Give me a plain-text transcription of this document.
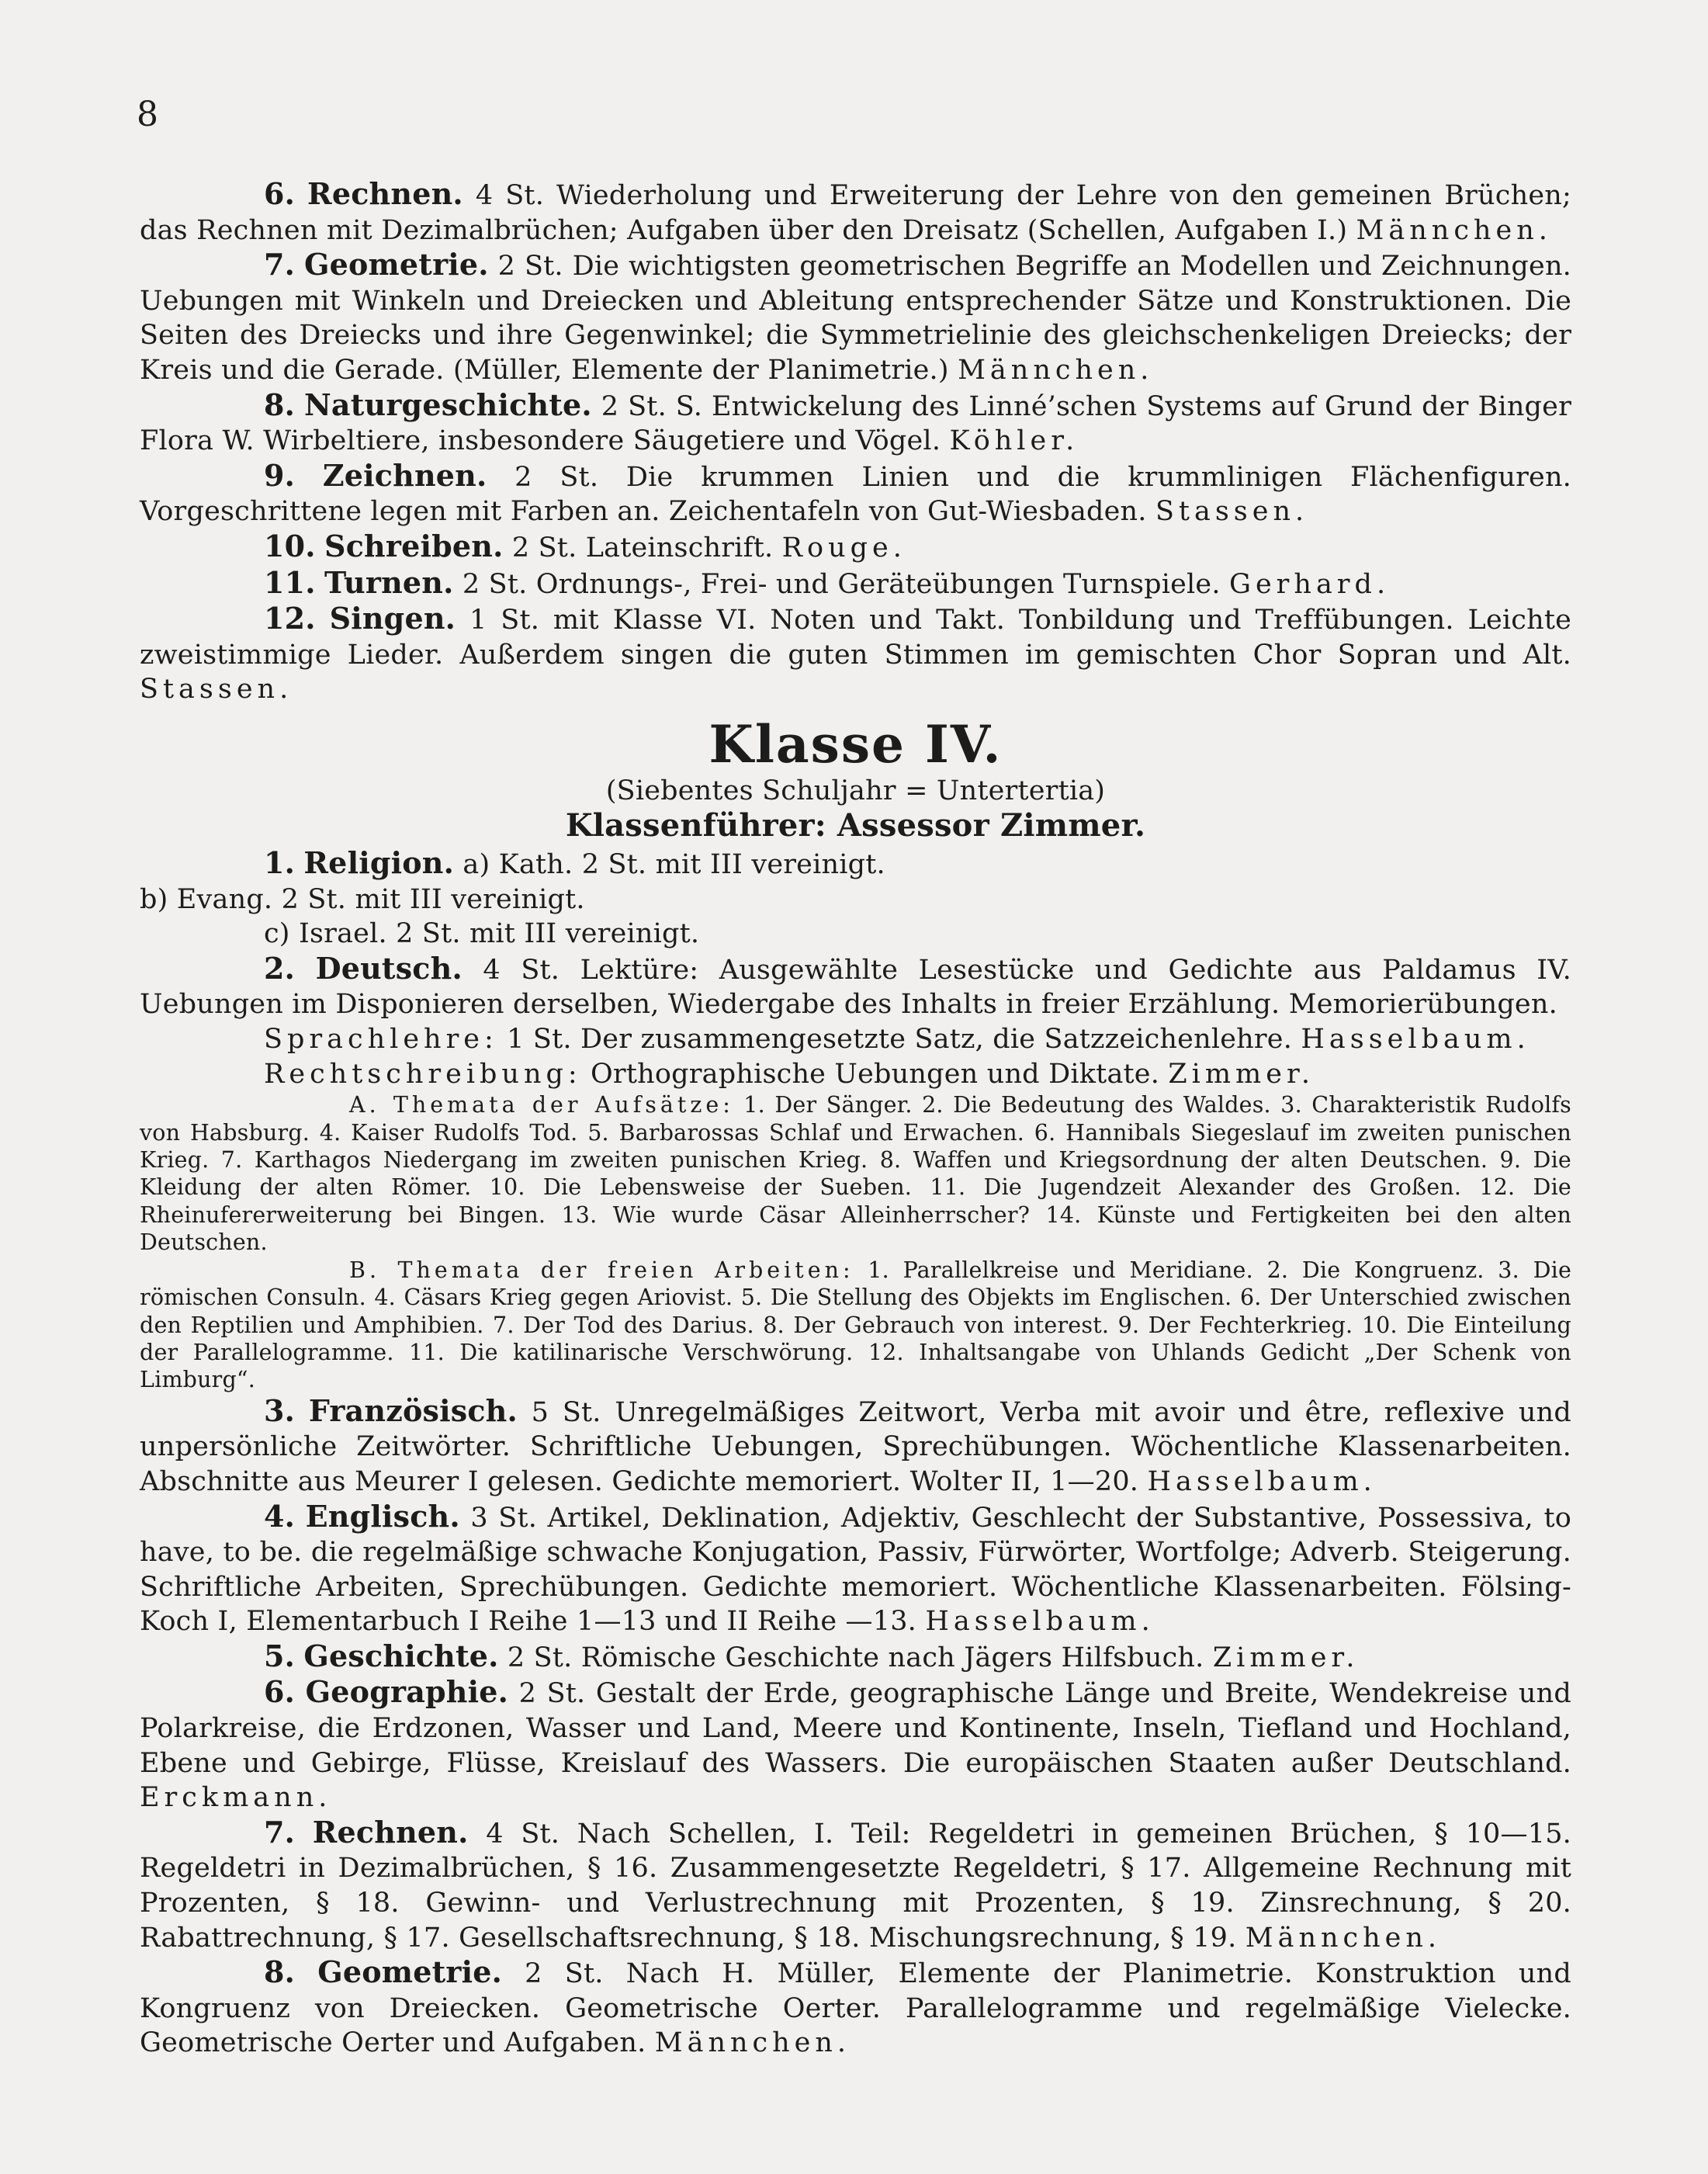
8

6. Rechnen. 4 St. Wiederholung und Erweiterung der Lehre von den gemeinen Brüchen; das Rechnen mit Dezimalbrüchen; Aufgaben über den Dreisatz (Schellen, Aufgaben I.) Männchen.

7. Geometrie. 2 St. Die wichtigsten geometrischen Begriffe an Modellen und Zeichnungen. Uebungen mit Winkeln und Dreiecken und Ableitung entsprechender Sätze und Konstruktionen. Die Seiten des Dreiecks und ihre Gegenwinkel; die Symmetrielinie des gleichschenkeligen Dreiecks; der Kreis und die Gerade. (Müller, Elemente der Planimetrie.) Männchen.

8. Naturgeschichte. 2 St. S. Entwickelung des Linné’schen Systems auf Grund der Binger Flora W. Wirbeltiere, insbesondere Säugetiere und Vögel. Köhler.

9. Zeichnen. 2 St. Die krummen Linien und die krummlinigen Flächenfiguren. Vorgeschrittene legen mit Farben an. Zeichentafeln von Gut-Wiesbaden. Stassen.

10. Schreiben. 2 St. Lateinschrift. Rouge.

11. Turnen. 2 St. Ordnungs-, Frei- und Geräteübungen Turnspiele. Gerhard.

12. Singen. 1 St. mit Klasse VI. Noten und Takt. Tonbildung und Treffübungen. Leichte zweistimmige Lieder. Außerdem singen die guten Stimmen im gemischten Chor Sopran und Alt. Stassen.

Klasse IV.
(Siebentes Schuljahr = Untertertia)
Klassenführer: Assessor Zimmer.

1. Religion. a) Kath. 2 St. mit III vereinigt.

b) Evang. 2 St. mit III vereinigt.

c) Israel. 2 St. mit III vereinigt.

2. Deutsch. 4 St. Lektüre: Ausgewählte Lesestücke und Gedichte aus Paldamus IV. Uebungen im Disponieren derselben, Wiedergabe des Inhalts in freier Erzählung. Memorierübungen.

Sprachlehre: 1 St. Der zusammengesetzte Satz, die Satzzeichenlehre. Hasselbaum.

Rechtschreibung: Orthographische Uebungen und Diktate. Zimmer.

A. Themata der Aufsätze: 1. Der Sänger. 2. Die Bedeutung des Waldes. 3. Charakteristik Rudolfs von Habsburg. 4. Kaiser Rudolfs Tod. 5. Barbarossas Schlaf und Erwachen. 6. Hannibals Siegeslauf im zweiten punischen Krieg. 7. Karthagos Niedergang im zweiten punischen Krieg. 8. Waffen und Kriegsordnung der alten Deutschen. 9. Die Kleidung der alten Römer. 10. Die Lebensweise der Sueben. 11. Die Jugendzeit Alexander des Großen. 12. Die Rheinufererweiterung bei Bingen. 13. Wie wurde Cäsar Alleinherrscher? 14. Künste und Fertigkeiten bei den alten Deutschen.

B. Themata der freien Arbeiten: 1. Parallelkreise und Meridiane. 2. Die Kongruenz. 3. Die römischen Consuln. 4. Cäsars Krieg gegen Ariovist. 5. Die Stellung des Objekts im Englischen. 6. Der Unterschied zwischen den Reptilien und Amphibien. 7. Der Tod des Darius. 8. Der Gebrauch von interest. 9. Der Fechterkrieg. 10. Die Einteilung der Parallelogramme. 11. Die katilinarische Verschwörung. 12. Inhaltsangabe von Uhlands Gedicht „Der Schenk von Limburg“.

3. Französisch. 5 St. Unregelmäßiges Zeitwort, Verba mit avoir und être, reflexive und unpersönliche Zeitwörter. Schriftliche Uebungen, Sprechübungen. Wöchentliche Klassenarbeiten. Abschnitte aus Meurer I gelesen. Gedichte memoriert. Wolter II, 1—20. Hasselbaum.

4. Englisch. 3 St. Artikel, Deklination, Adjektiv, Geschlecht der Substantive, Possessiva, to have, to be. die regelmäßige schwache Konjugation, Passiv, Fürwörter, Wortfolge; Adverb. Steigerung. Schriftliche Arbeiten, Sprechübungen. Gedichte memoriert. Wöchentliche Klassenarbeiten. Fölsing-Koch I, Elementarbuch I Reihe 1—13 und II Reihe —13. Hasselbaum.

5. Geschichte. 2 St. Römische Geschichte nach Jägers Hilfsbuch. Zimmer.

6. Geographie. 2 St. Gestalt der Erde, geographische Länge und Breite, Wendekreise und Polarkreise, die Erdzonen, Wasser und Land, Meere und Kontinente, Inseln, Tiefland und Hochland, Ebene und Gebirge, Flüsse, Kreislauf des Wassers. Die europäischen Staaten außer Deutschland. Erckmann.

7. Rechnen. 4 St. Nach Schellen, I. Teil: Regeldetri in gemeinen Brüchen, § 10—15. Regeldetri in Dezimalbrüchen, § 16. Zusammengesetzte Regeldetri, § 17. Allgemeine Rechnung mit Prozenten, § 18. Gewinn- und Verlustrechnung mit Prozenten, § 19. Zinsrechnung, § 20. Rabattrechnung, § 17. Gesellschaftsrechnung, § 18. Mischungsrechnung, § 19. Männchen.

8. Geometrie. 2 St. Nach H. Müller, Elemente der Planimetrie. Konstruktion und Kongruenz von Dreiecken. Geometrische Oerter. Parallelogramme und regelmäßige Vielecke. Geometrische Oerter und Aufgaben. Männchen.
